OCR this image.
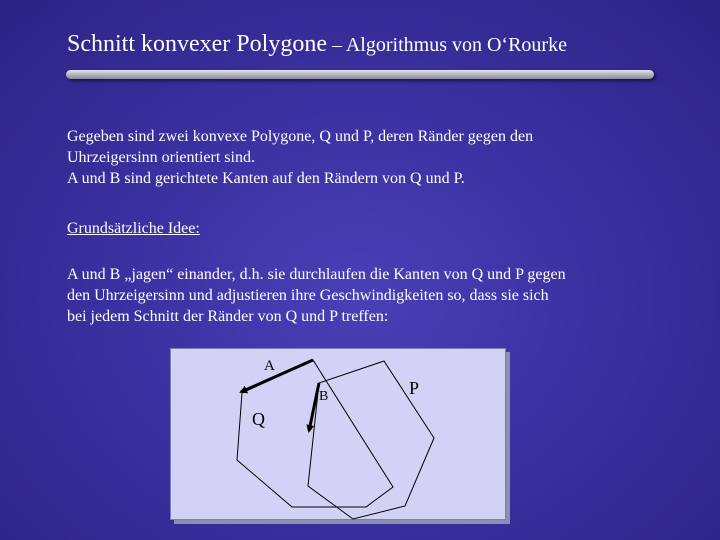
Schnitt konvexer Polygone – Algorithmus von O‘Rourke
Gegeben sind zwei konvexe Polygone, Q und P, deren Ränder gegen den
Uhrzeigersinn orientiert sind.
A und B sind gerichtete Kanten auf den Rändern von Q und P.
Grundsätzliche Idee:
A und B „jagen“ einander, d.h. sie durchlaufen die Kanten von Q und P gegen
den Uhrzeigersinn und adjustieren ihre Geschwindigkeiten so, dass sie sich
bei jedem Schnitt der Ränder von Q und P treffen:
A
B
Q
P
